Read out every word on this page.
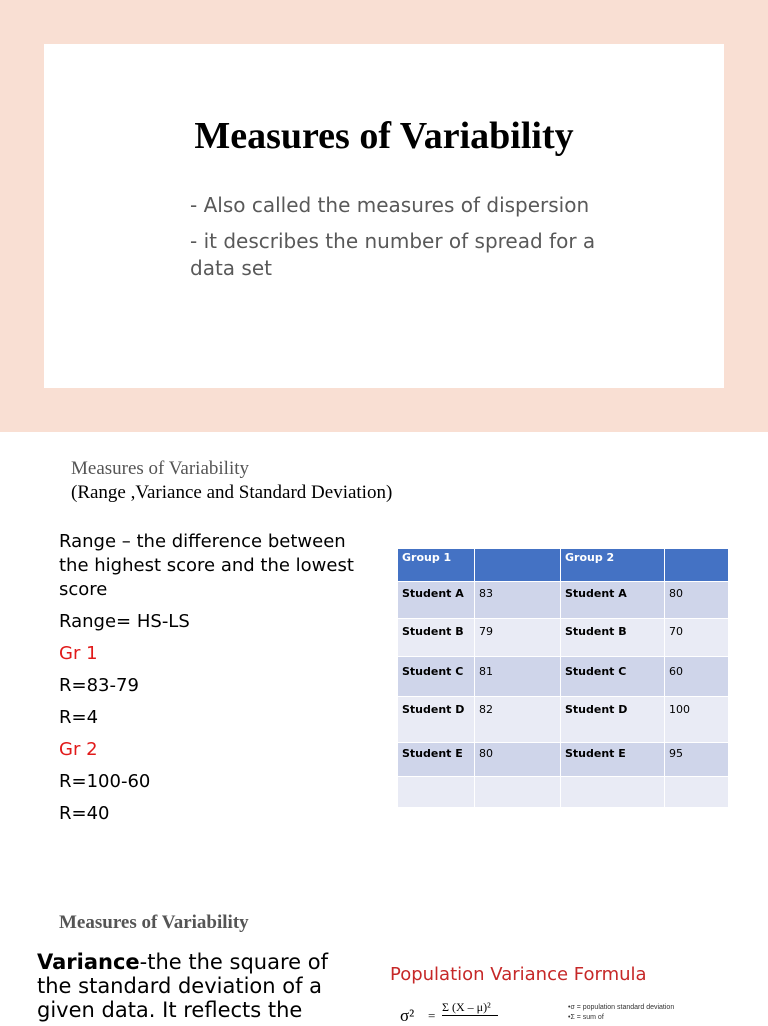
Measures of Variability
- Also called the measures of dispersion
- it describes the number of spread for a data set
Measures of Variability
(Range ,Variance and Standard Deviation)
Range – the difference between the highest score and the lowest score
Range= HS-LS
Gr 1
R=83-79
R=4
Gr 2
R=100-60
R=40
Group 1		Group 2	
Student A	83	Student A	80
Student B	79	Student B	70
Student C	81	Student C	60
Student D	82	Student D	100
Student E	80	Student E	95

Measures of Variability
Variance-the the square of the standard deviation of a given data. It reflects the
Population Variance Formula
σ² =
Σ (X – μ)²	• σ = population standard deviation
• Σ = sum of
